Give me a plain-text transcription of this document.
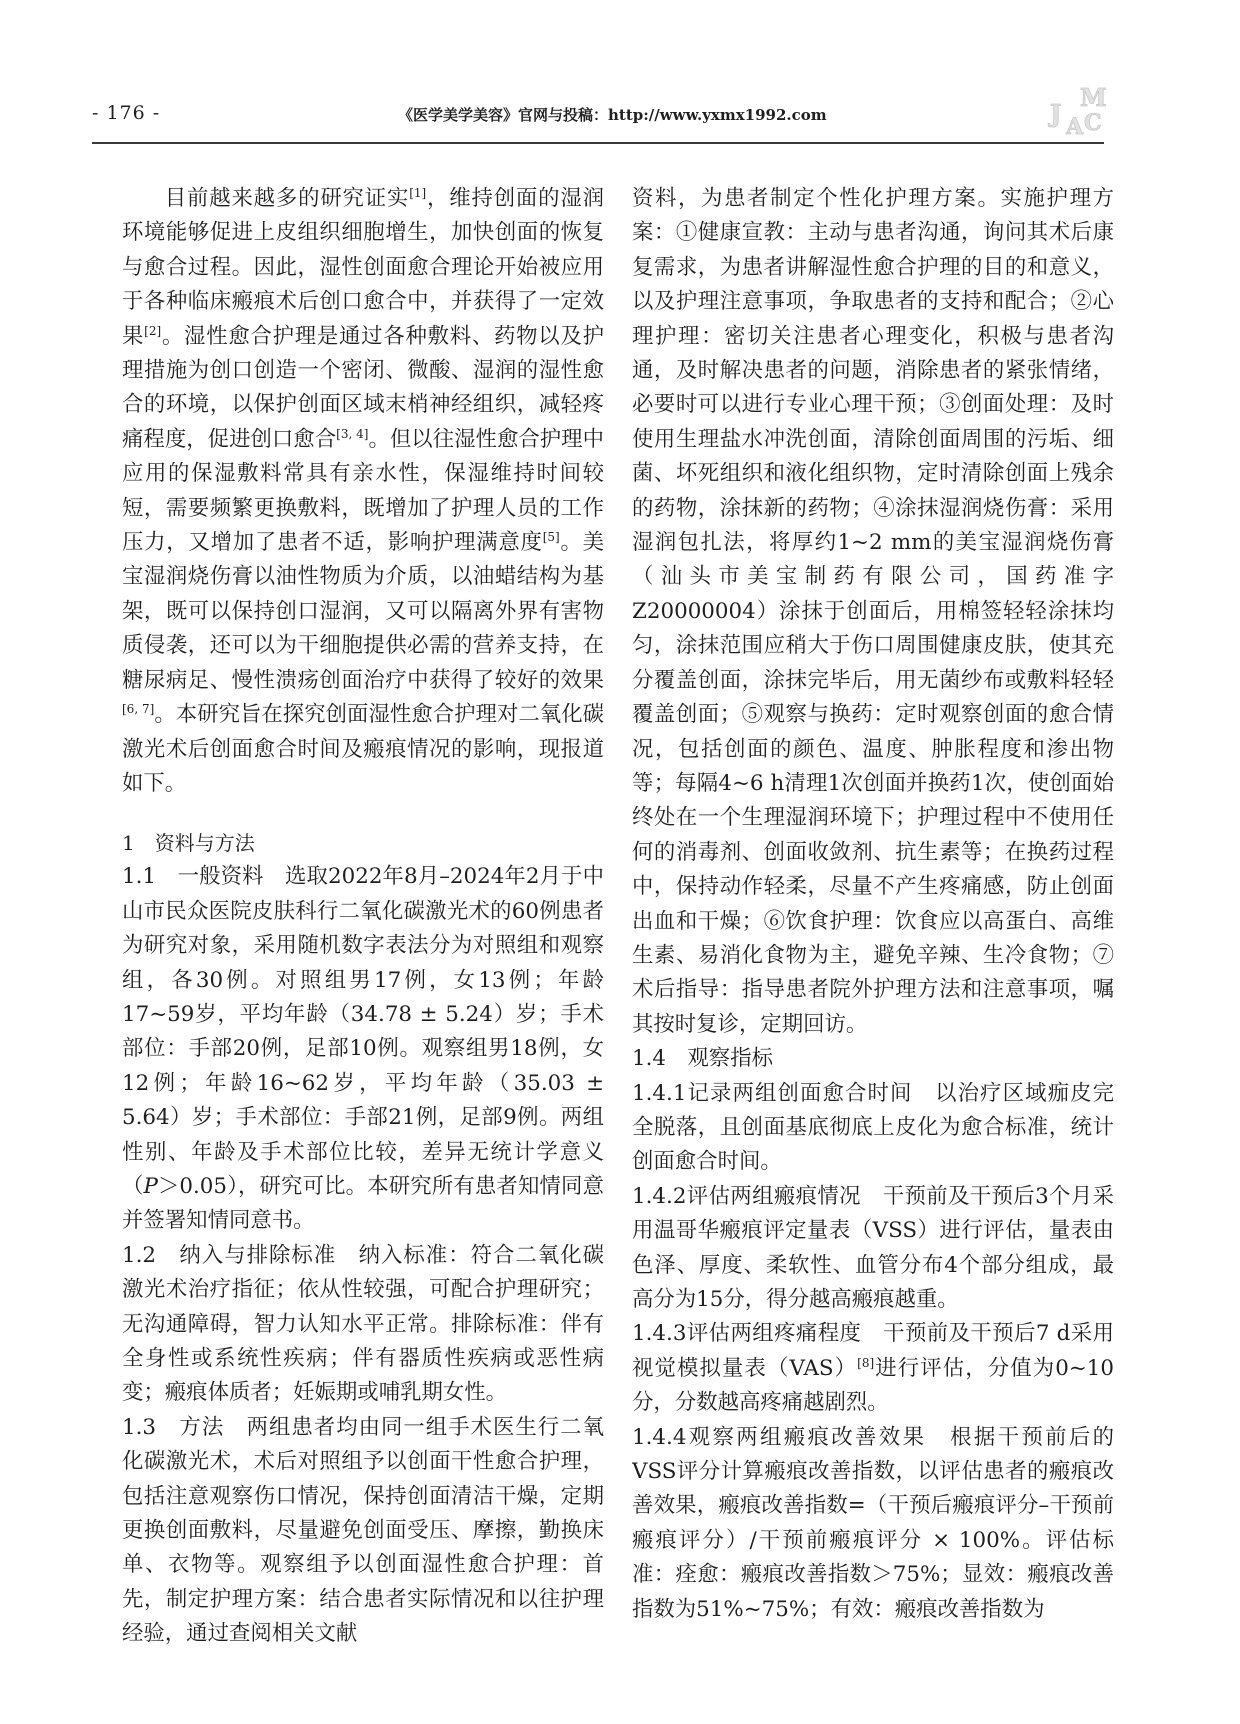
- 176 -	《医学美学美容》官网与投稿：http://www.yxmx1992.com
M
J A C

目前越来越多的研究证实[1]，维持创面的湿润环境能够促进上皮组织细胞增生，加快创面的恢复与愈合过程。因此，湿性创面愈合理论开始被应用于各种临床瘢痕术后创口愈合中，并获得了一定效果[2]。湿性愈合护理是通过各种敷料、药物以及护理措施为创口创造一个密闭、微酸、湿润的湿性愈合的环境，以保护创面区域末梢神经组织，减轻疼痛程度，促进创口愈合[3, 4]。但以往湿性愈合护理中应用的保湿敷料常具有亲水性，保湿维持时间较短，需要频繁更换敷料，既增加了护理人员的工作压力，又增加了患者不适，影响护理满意度[5]。美宝湿润烧伤膏以油性物质为介质，以油蜡结构为基架，既可以保持创口湿润，又可以隔离外界有害物质侵袭，还可以为干细胞提供必需的营养支持，在糖尿病足、慢性溃疡创面治疗中获得了较好的效果[6, 7]。本研究旨在探究创面湿性愈合护理对二氧化碳激光术后创面愈合时间及瘢痕情况的影响，现报道如下。

1　资料与方法

1.1　一般资料　选取2022年8月–2024年2月于中山市民众医院皮肤科行二氧化碳激光术的60例患者为研究对象，采用随机数字表法分为对照组和观察组，各30例。对照组男17例，女13例；年龄17~59岁，平均年龄（34.78 ± 5.24）岁；手术部位：手部20例，足部10例。观察组男18例，女12例；年龄16~62岁，平均年龄（35.03 ± 5.64）岁；手术部位：手部21例，足部9例。两组性别、年龄及手术部位比较，差异无统计学意义（P＞0.05），研究可比。本研究所有患者知情同意并签署知情同意书。

1.2　纳入与排除标准　纳入标准：符合二氧化碳激光术治疗指征；依从性较强，可配合护理研究；无沟通障碍，智力认知水平正常。排除标准：伴有全身性或系统性疾病；伴有器质性疾病或恶性病变；瘢痕体质者；妊娠期或哺乳期女性。

1.3　方法　两组患者均由同一组手术医生行二氧化碳激光术，术后对照组予以创面干性愈合护理，包括注意观察伤口情况，保持创面清洁干燥，定期更换创面敷料，尽量避免创面受压、摩擦，勤换床单、衣物等。观察组予以创面湿性愈合护理：首先，制定护理方案：结合患者实际情况和以往护理经验，通过查阅相关文献

资料，为患者制定个性化护理方案。实施护理方案：①健康宣教：主动与患者沟通，询问其术后康复需求，为患者讲解湿性愈合护理的目的和意义，以及护理注意事项，争取患者的支持和配合；②心理护理：密切关注患者心理变化，积极与患者沟通，及时解决患者的问题，消除患者的紧张情绪，必要时可以进行专业心理干预；③创面处理：及时使用生理盐水冲洗创面，清除创面周围的污垢、细菌、坏死组织和液化组织物，定时清除创面上残余的药物，涂抹新的药物；④涂抹湿润烧伤膏：采用湿润包扎法，将厚约1~2 mm的美宝湿润烧伤膏（汕头市美宝制药有限公司，国药准字Z20000004）涂抹于创面后，用棉签轻轻涂抹均匀，涂抹范围应稍大于伤口周围健康皮肤，使其充分覆盖创面，涂抹完毕后，用无菌纱布或敷料轻轻覆盖创面；⑤观察与换药：定时观察创面的愈合情况，包括创面的颜色、温度、肿胀程度和渗出物等；每隔4~6 h清理1次创面并换药1次，使创面始终处在一个生理湿润环境下；护理过程中不使用任何的消毒剂、创面收敛剂、抗生素等；在换药过程中，保持动作轻柔，尽量不产生疼痛感，防止创面出血和干燥；⑥饮食护理：饮食应以高蛋白、高维生素、易消化食物为主，避免辛辣、生冷食物；⑦术后指导：指导患者院外护理方法和注意事项，嘱其按时复诊，定期回访。

1.4　观察指标

1.4.1记录两组创面愈合时间　以治疗区域痂皮完全脱落，且创面基底彻底上皮化为愈合标准，统计创面愈合时间。

1.4.2评估两组瘢痕情况　干预前及干预后3个月采用温哥华瘢痕评定量表（VSS）进行评估，量表由色泽、厚度、柔软性、血管分布4个部分组成，最高分为15分，得分越高瘢痕越重。

1.4.3评估两组疼痛程度　干预前及干预后7 d采用视觉模拟量表（VAS）[8]进行评估，分值为0~10分，分数越高疼痛越剧烈。

1.4.4观察两组瘢痕改善效果　根据干预前后的VSS评分计算瘢痕改善指数，以评估患者的瘢痕改善效果，瘢痕改善指数=（干预后瘢痕评分–干预前瘢痕评分）/干预前瘢痕评分 × 100%。评估标准：痊愈：瘢痕改善指数＞75%；显效：瘢痕改善指数为51%~75%；有效：瘢痕改善指数为
